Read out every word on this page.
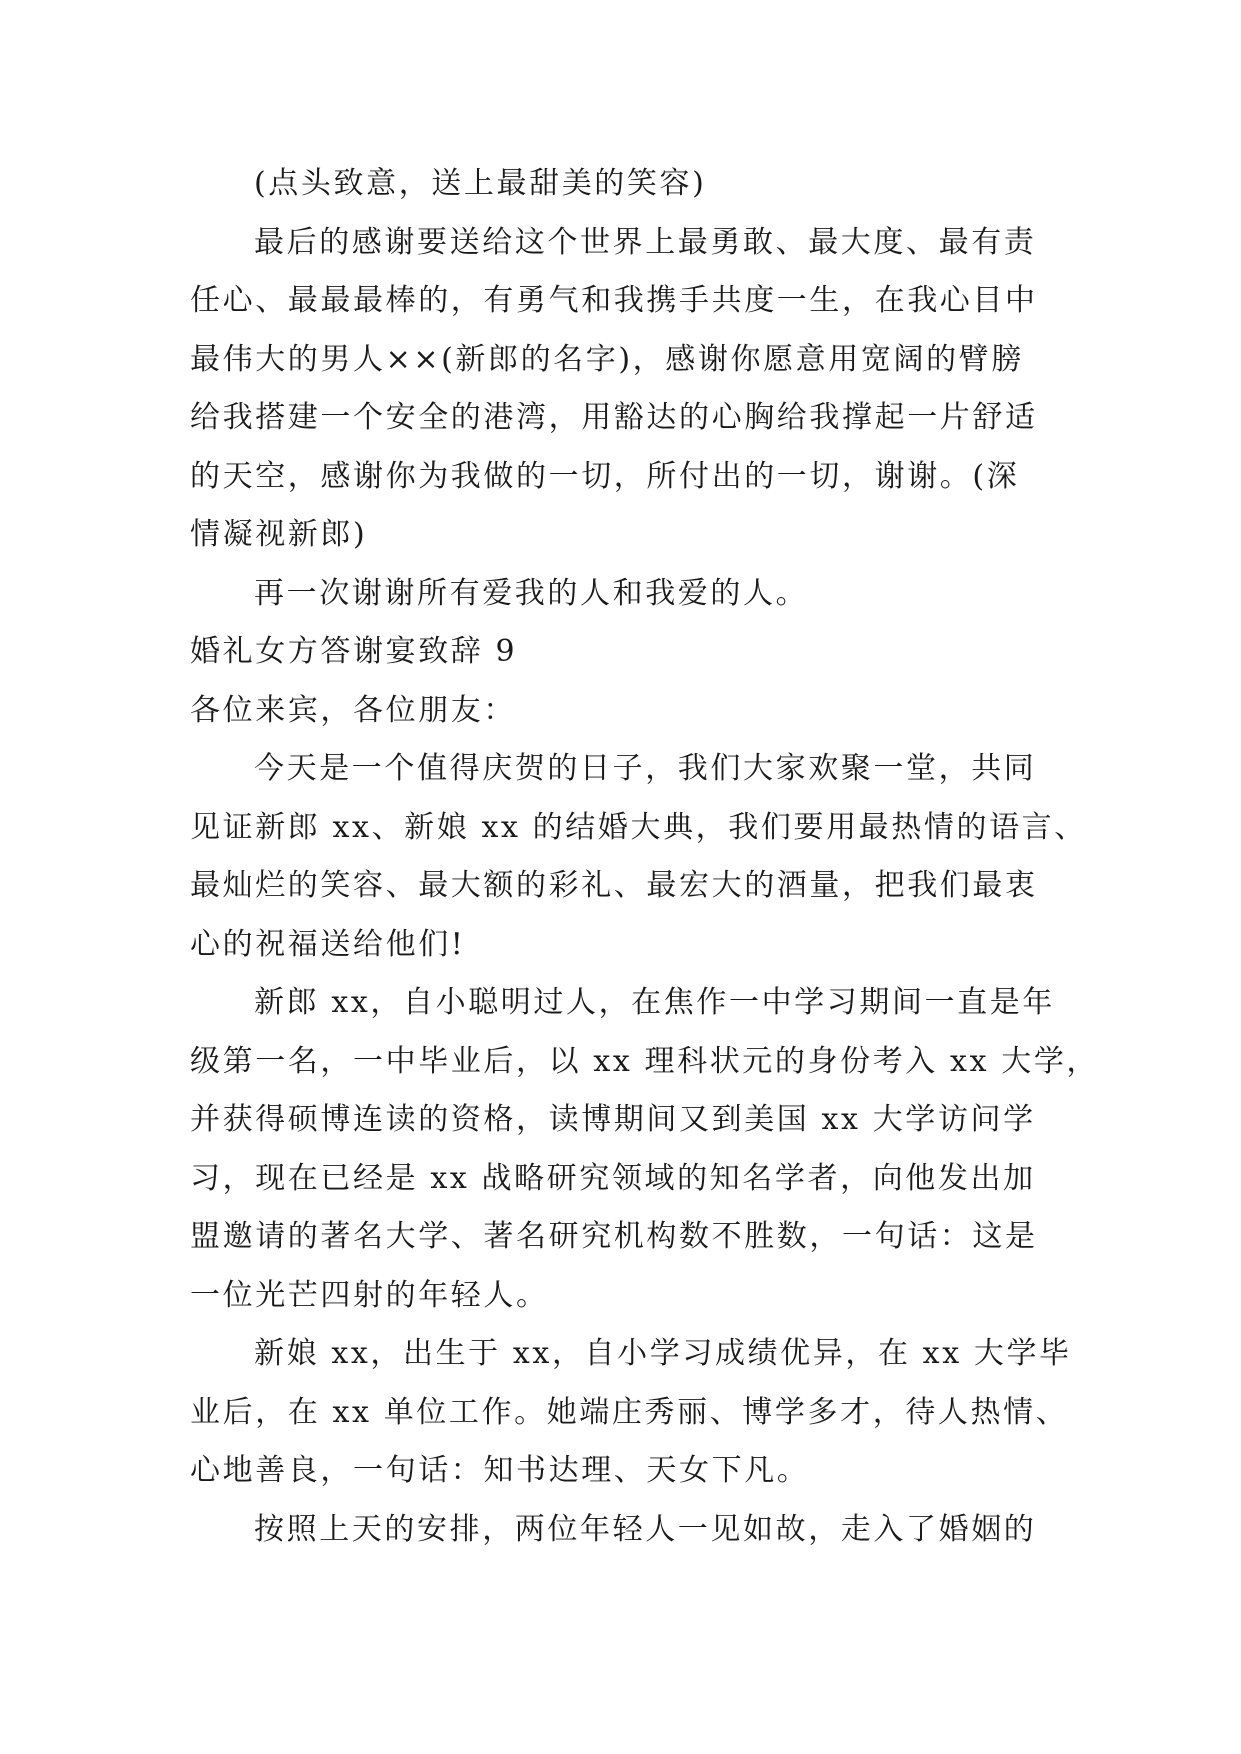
(点头致意，送上最甜美的笑容)
最后的感谢要送给这个世界上最勇敢、最大度、最有责
任心、最最最棒的，有勇气和我携手共度一生，在我心目中
最伟大的男人××(新郎的名字)，感谢你愿意用宽阔的臂膀
给我搭建一个安全的港湾，用豁达的心胸给我撑起一片舒适
的天空，感谢你为我做的一切，所付出的一切，谢谢。(深
情凝视新郎)
再一次谢谢所有爱我的人和我爱的人。
婚礼女方答谢宴致辞 9
各位来宾，各位朋友：
今天是一个值得庆贺的日子，我们大家欢聚一堂，共同
见证新郎 xx、新娘 xx 的结婚大典，我们要用最热情的语言、
最灿烂的笑容、最大额的彩礼、最宏大的酒量，把我们最衷
心的祝福送给他们!
新郎 xx，自小聪明过人，在焦作一中学习期间一直是年
级第一名，一中毕业后，以 xx 理科状元的身份考入 xx 大学，
并获得硕博连读的资格，读博期间又到美国 xx 大学访问学
习，现在已经是 xx 战略研究领域的知名学者，向他发出加
盟邀请的著名大学、著名研究机构数不胜数，一句话：这是
一位光芒四射的年轻人。
新娘 xx，出生于 xx，自小学习成绩优异，在 xx 大学毕
业后，在 xx 单位工作。她端庄秀丽、博学多才，待人热情、
心地善良，一句话：知书达理、天女下凡。
按照上天的安排，两位年轻人一见如故，走入了婚姻的
